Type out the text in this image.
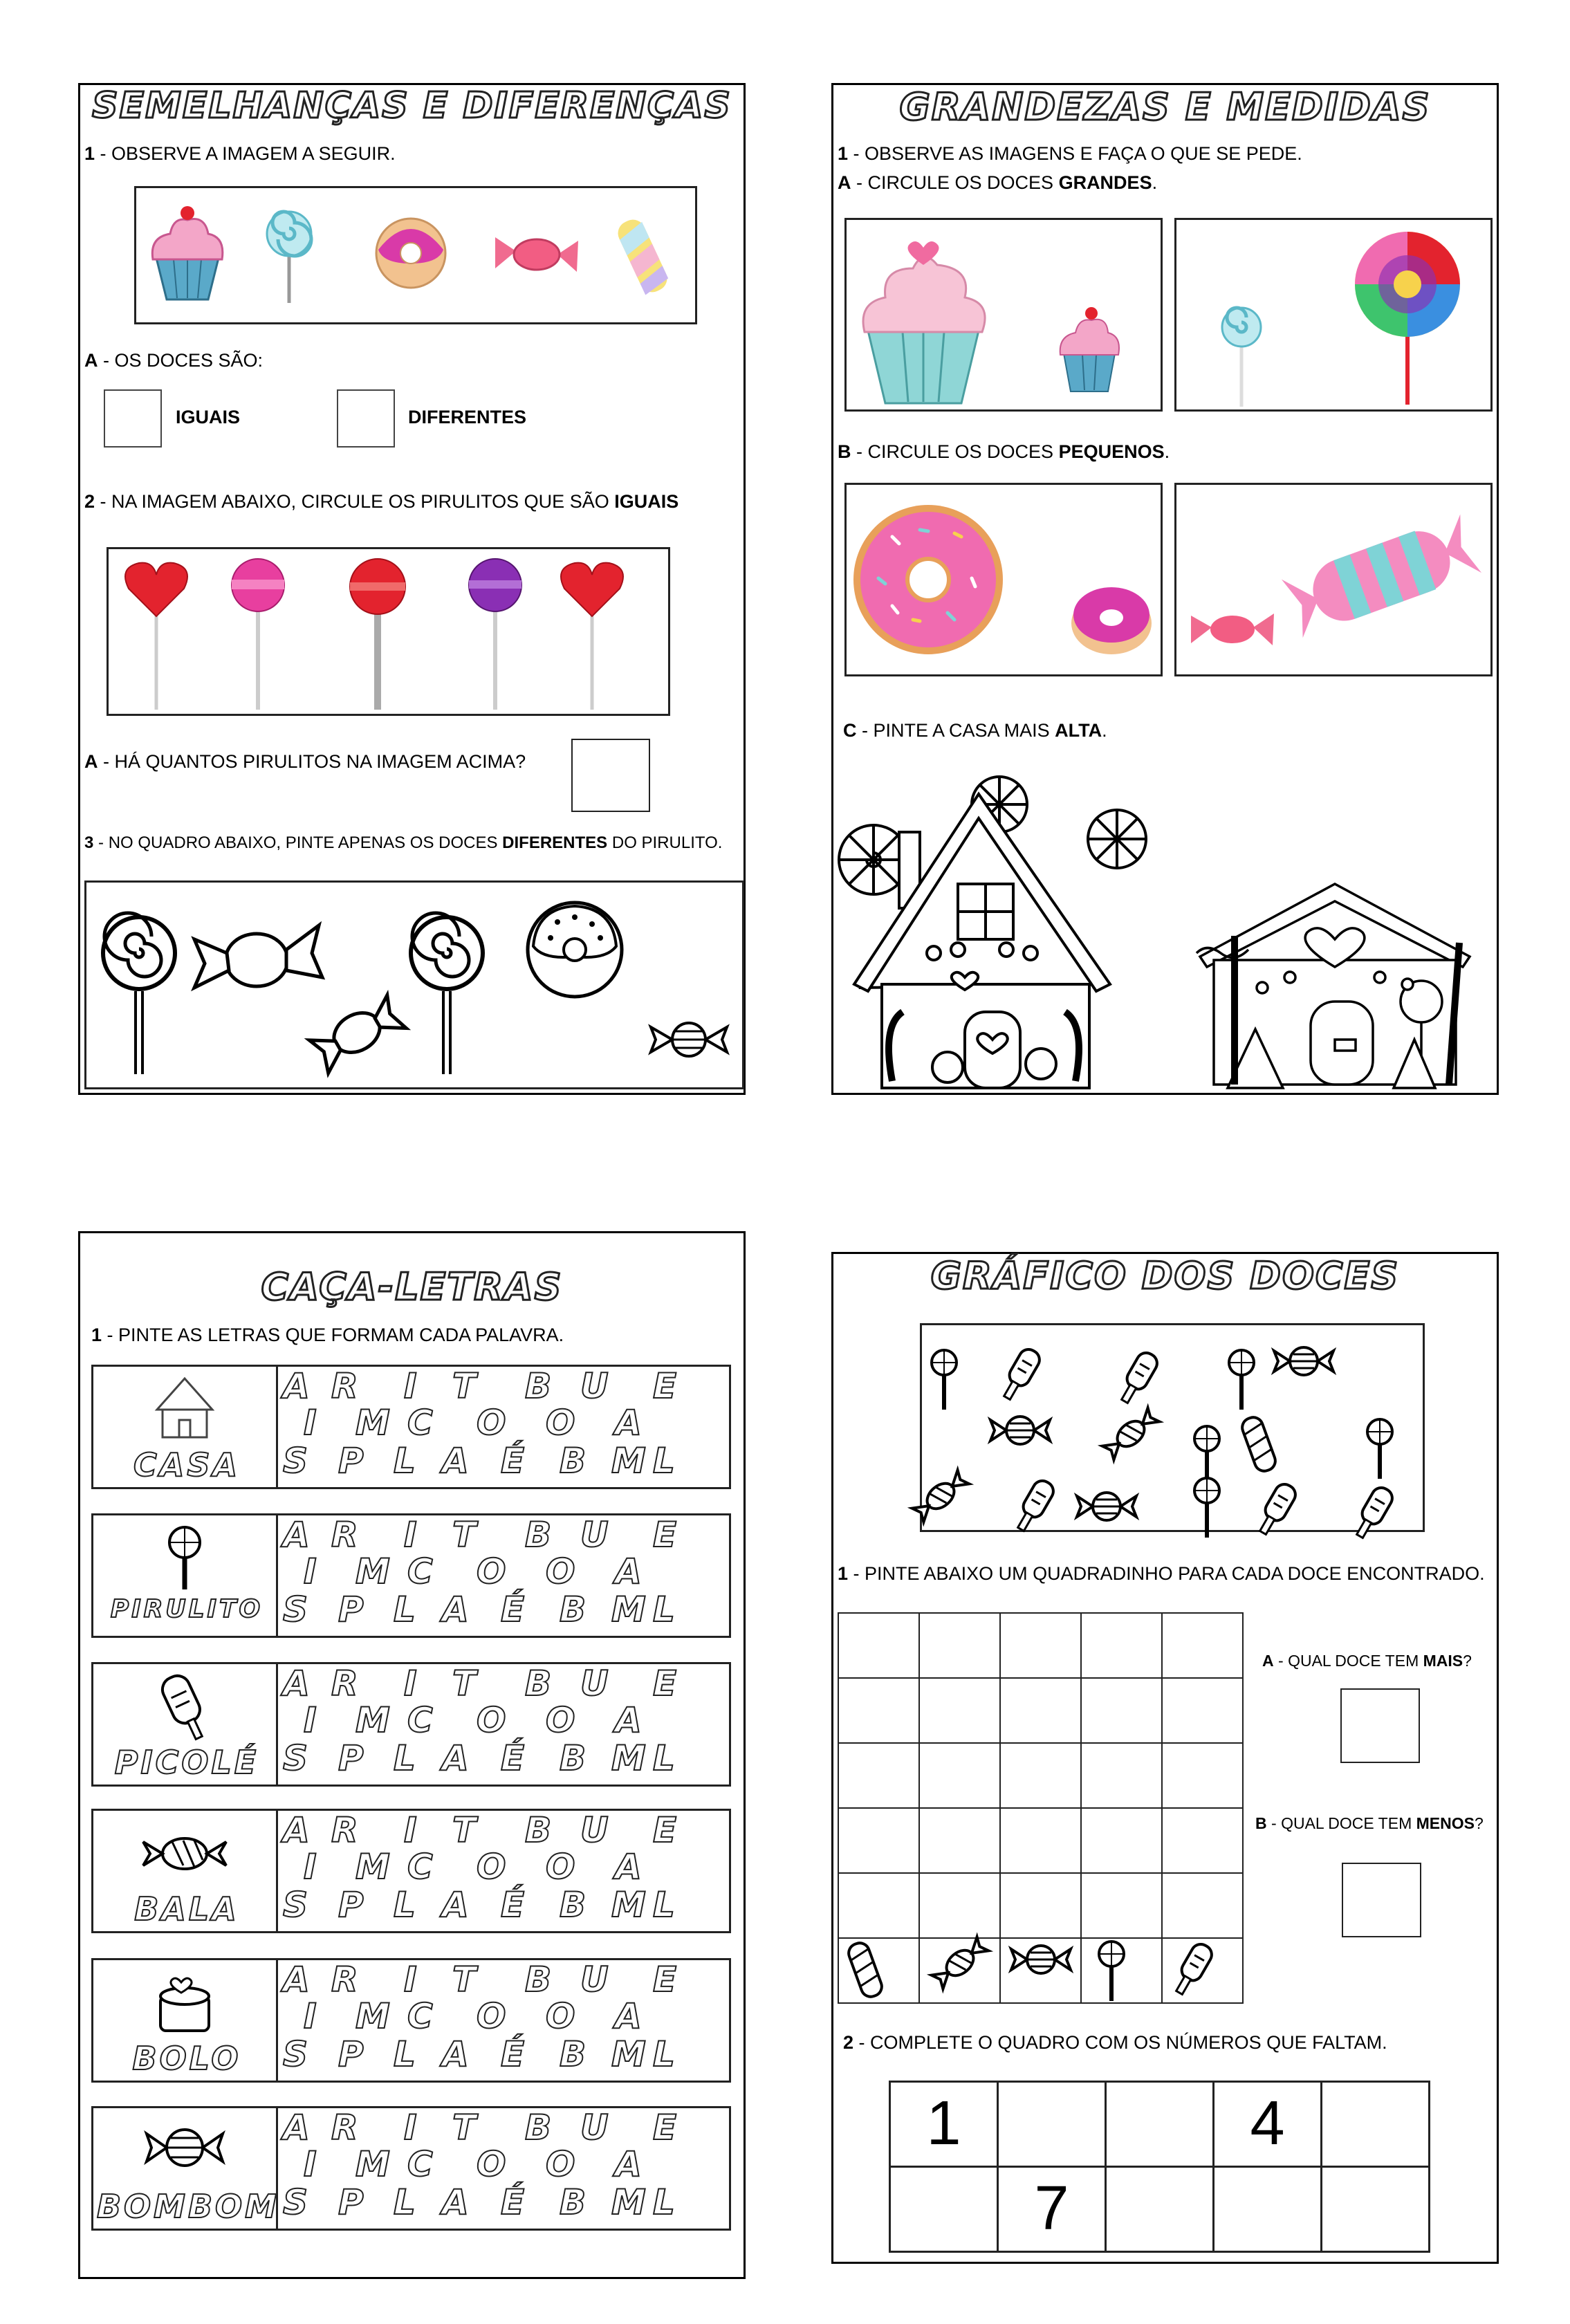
SEMELHANÇAS E DIFERENÇAS
1 - OBSERVE A IMAGEM A SEGUIR.
A - OS DOCES SÃO:
IGUAIS	DIFERENTES
2 - NA IMAGEM ABAIXO, CIRCULE OS PIRULITOS QUE SÃO IGUAIS
A - HÁ QUANTOS PIRULITOS NA IMAGEM ACIMA?
3 - NO QUADRO ABAIXO, PINTE APENAS OS DOCES DIFERENTES DO PIRULITO.
GRANDEZAS E MEDIDAS
1 - OBSERVE AS IMAGENS E FAÇA O QUE SE PEDE.
A - CIRCULE OS DOCES GRANDES.
B - CIRCULE OS DOCES PEQUENOS.
C - PINTE A CASA MAIS ALTA.
CAÇA-LETRAS
1 - PINTE AS LETRAS QUE FORMAM CADA PALAVRA.
CASA
A R I T B U E
I M C O O A
S P L A É B M L
PIRULITO
A R I T B U E
I M C O O A
S P L A É B M L
PICOLÉ
A R I T B U E
I M C O O A
S P L A É B M L
BALA
A R I T B U E
I M C O O A
S P L A É B M L
BOLO
A R I T B U E
I M C O O A
S P L A É B M L
BOMBOM
A R I T B U E
I M C O O A
S P L A É B M L
GRÁFICO DOS DOCES
1 - PINTE ABAIXO UM QUADRADINHO PARA CADA DOCE ENCONTRADO.
A - QUAL DOCE TEM MAIS?
B - QUAL DOCE TEM MENOS?
2 - COMPLETE O QUADRO COM OS NÚMEROS QUE FALTAM.
1	4
7
